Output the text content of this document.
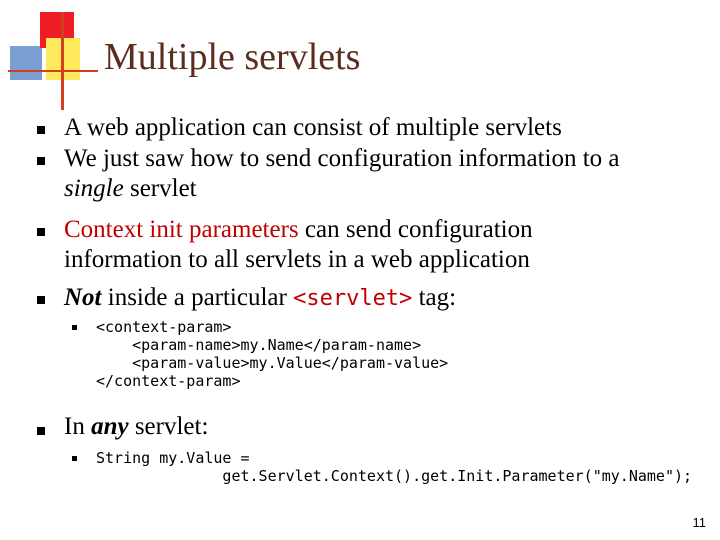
Multiple servlets
A web application can consist of multiple servlets
We just saw how to send configuration information to a
single servlet
Context init parameters can send configuration
information to all servlets in a web application
Not inside a particular <servlet> tag:
<context-param>
<param-name>my.Name</param-name>
<param-value>my.Value</param-value>
</context-param>
In any servlet:
String my.Value =
get.Servlet.Context().get.Init.Parameter("my.Name");
11
